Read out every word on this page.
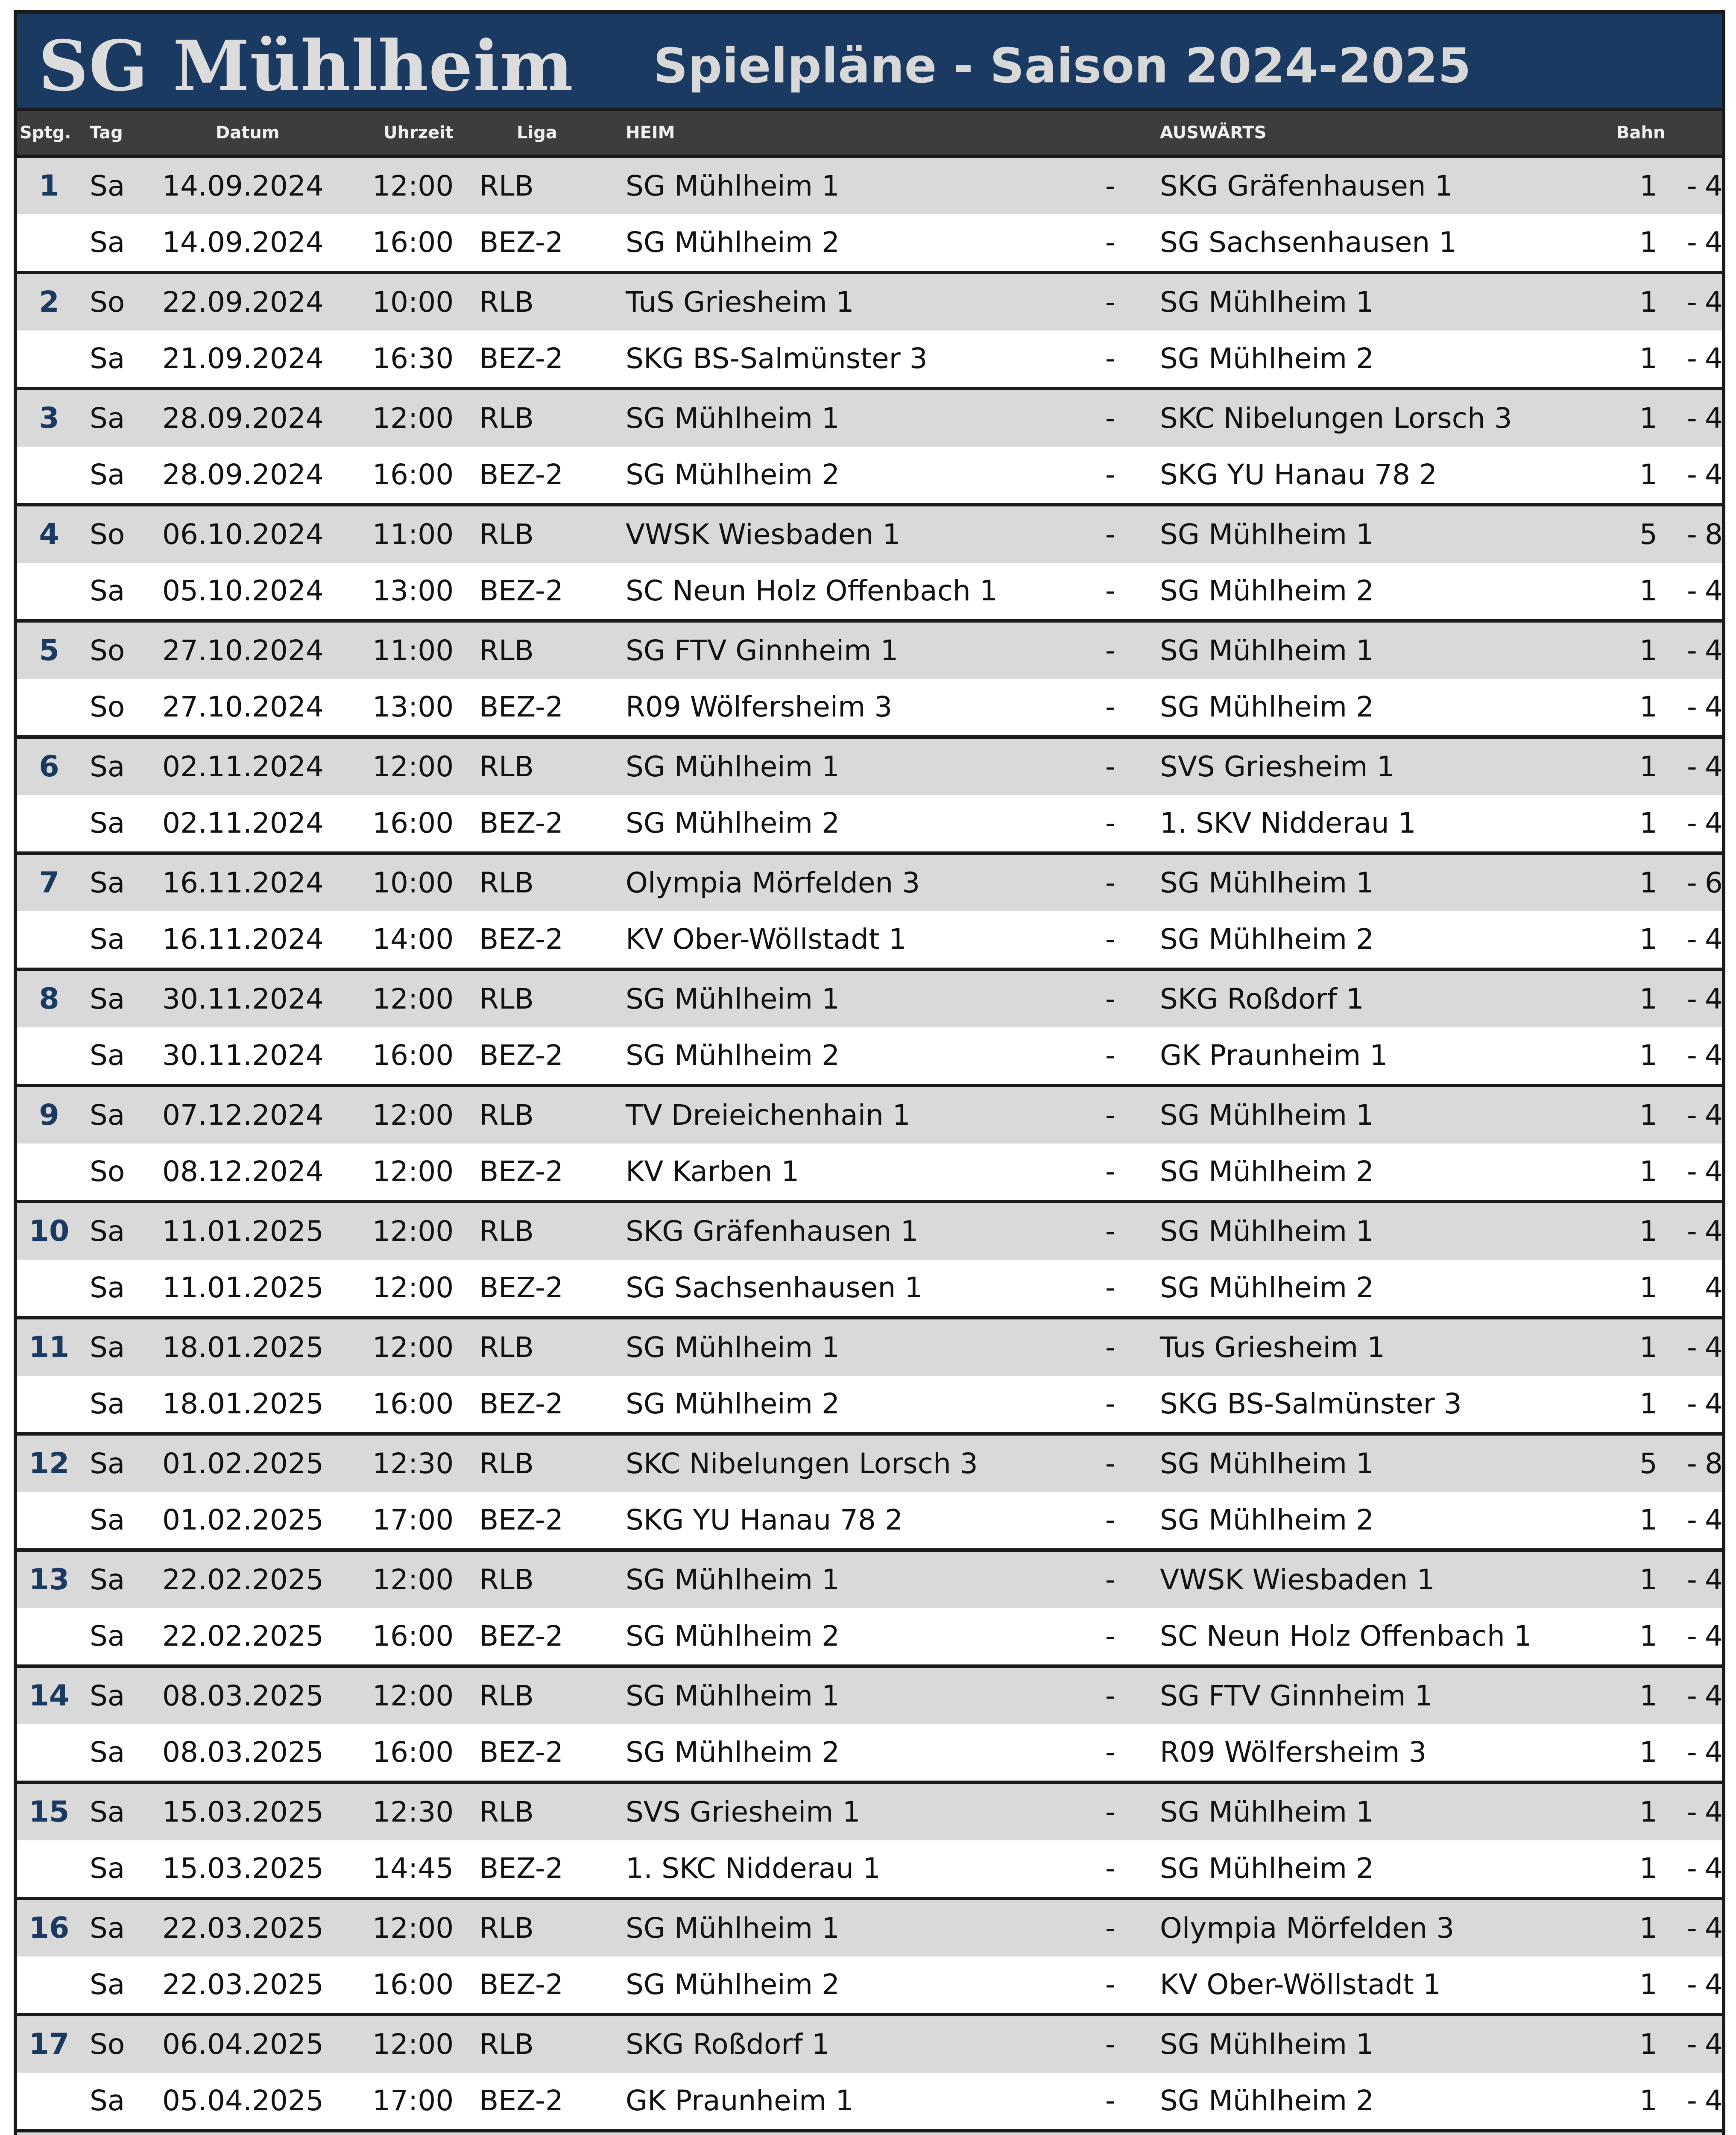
SG Mühlheim Spielpläne - Saison 2024-2025
Sptg. Tag	Datum	Uhrzeit	Liga	HEIM	AUSWÄRTS	Bahn
1	Sa 14.09.2024 12:00 RLB	SG Mühlheim 1	- SKG Gräfenhausen 1	1 - 4
Sa 14.09.2024 16:00 BEZ-2 SG Mühlheim 2	- SG Sachsenhausen 1	1 - 4
2	So 22.09.2024 10:00 RLB	TuS Griesheim 1	- SG Mühlheim 1	1 - 4
Sa 21.09.2024 16:30 BEZ-2 SKG BS-Salmünster 3	- SG Mühlheim 2	1 - 4
3	Sa 28.09.2024 12:00 RLB	SG Mühlheim 1	- SKC Nibelungen Lorsch 3	1 - 4
Sa 28.09.2024 16:00 BEZ-2 SG Mühlheim 2	- SKG YU Hanau 78 2	1 - 4
4	So 06.10.2024 11:00 RLB	VWSK Wiesbaden 1	- SG Mühlheim 1	5 - 8
Sa 05.10.2024 13:00 BEZ-2 SC Neun Holz Offenbach 1	- SG Mühlheim 2	1 - 4
5	So 27.10.2024 11:00 RLB	SG FTV Ginnheim 1	- SG Mühlheim 1	1 - 4
So 27.10.2024 13:00 BEZ-2 R09 Wölfersheim 3	- SG Mühlheim 2	1 - 4
6	Sa 02.11.2024 12:00 RLB	SG Mühlheim 1	- SVS Griesheim 1	1 - 4
Sa 02.11.2024 16:00 BEZ-2 SG Mühlheim 2	- 1. SKV Nidderau 1	1 - 4
7	Sa 16.11.2024 10:00 RLB	Olympia Mörfelden 3	- SG Mühlheim 1	1 - 6
Sa 16.11.2024 14:00 BEZ-2 KV Ober-Wöllstadt 1	- SG Mühlheim 2	1 - 4
8	Sa 30.11.2024 12:00 RLB	SG Mühlheim 1	- SKG Roßdorf 1	1 - 4
Sa 30.11.2024 16:00 BEZ-2 SG Mühlheim 2	- GK Praunheim 1	1 - 4
9	Sa 07.12.2024 12:00 RLB	TV Dreieichenhain 1	- SG Mühlheim 1	1 - 4
So 08.12.2024 12:00 BEZ-2 KV Karben 1	- SG Mühlheim 2	1 - 4
10 Sa 11.01.2025 12:00 RLB	SKG Gräfenhausen 1	- SG Mühlheim 1	1 - 4
Sa 11.01.2025 12:00 BEZ-2 SG Sachsenhausen 1	- SG Mühlheim 2	1 4
11 Sa 18.01.2025 12:00 RLB	SG Mühlheim 1	- Tus Griesheim 1	1 - 4
Sa 18.01.2025 16:00 BEZ-2 SG Mühlheim 2	- SKG BS-Salmünster 3	1 - 4
12 Sa 01.02.2025 12:30 RLB	SKC Nibelungen Lorsch 3	- SG Mühlheim 1	5 - 8
Sa 01.02.2025 17:00 BEZ-2 SKG YU Hanau 78 2	- SG Mühlheim 2	1 - 4
13 Sa 22.02.2025 12:00 RLB	SG Mühlheim 1	- VWSK Wiesbaden 1	1 - 4
Sa 22.02.2025 16:00 BEZ-2 SG Mühlheim 2	- SC Neun Holz Offenbach 1	1 - 4
14 Sa 08.03.2025 12:00 RLB	SG Mühlheim 1	- SG FTV Ginnheim 1	1 - 4
Sa 08.03.2025 16:00 BEZ-2 SG Mühlheim 2	- R09 Wölfersheim 3	1 - 4
15 Sa 15.03.2025 12:30 RLB	SVS Griesheim 1	- SG Mühlheim 1	1 - 4
Sa 15.03.2025 14:45 BEZ-2 1. SKC Nidderau 1	- SG Mühlheim 2	1 - 4
16 Sa 22.03.2025 12:00 RLB	SG Mühlheim 1	- Olympia Mörfelden 3	1 - 4
Sa 22.03.2025 16:00 BEZ-2 SG Mühlheim 2	- KV Ober-Wöllstadt 1	1 - 4
17 So 06.04.2025 12:00 RLB	SKG Roßdorf 1	- SG Mühlheim 1	1 - 4
Sa 05.04.2025 17:00 BEZ-2 GK Praunheim 1	- SG Mühlheim 2	1 - 4
